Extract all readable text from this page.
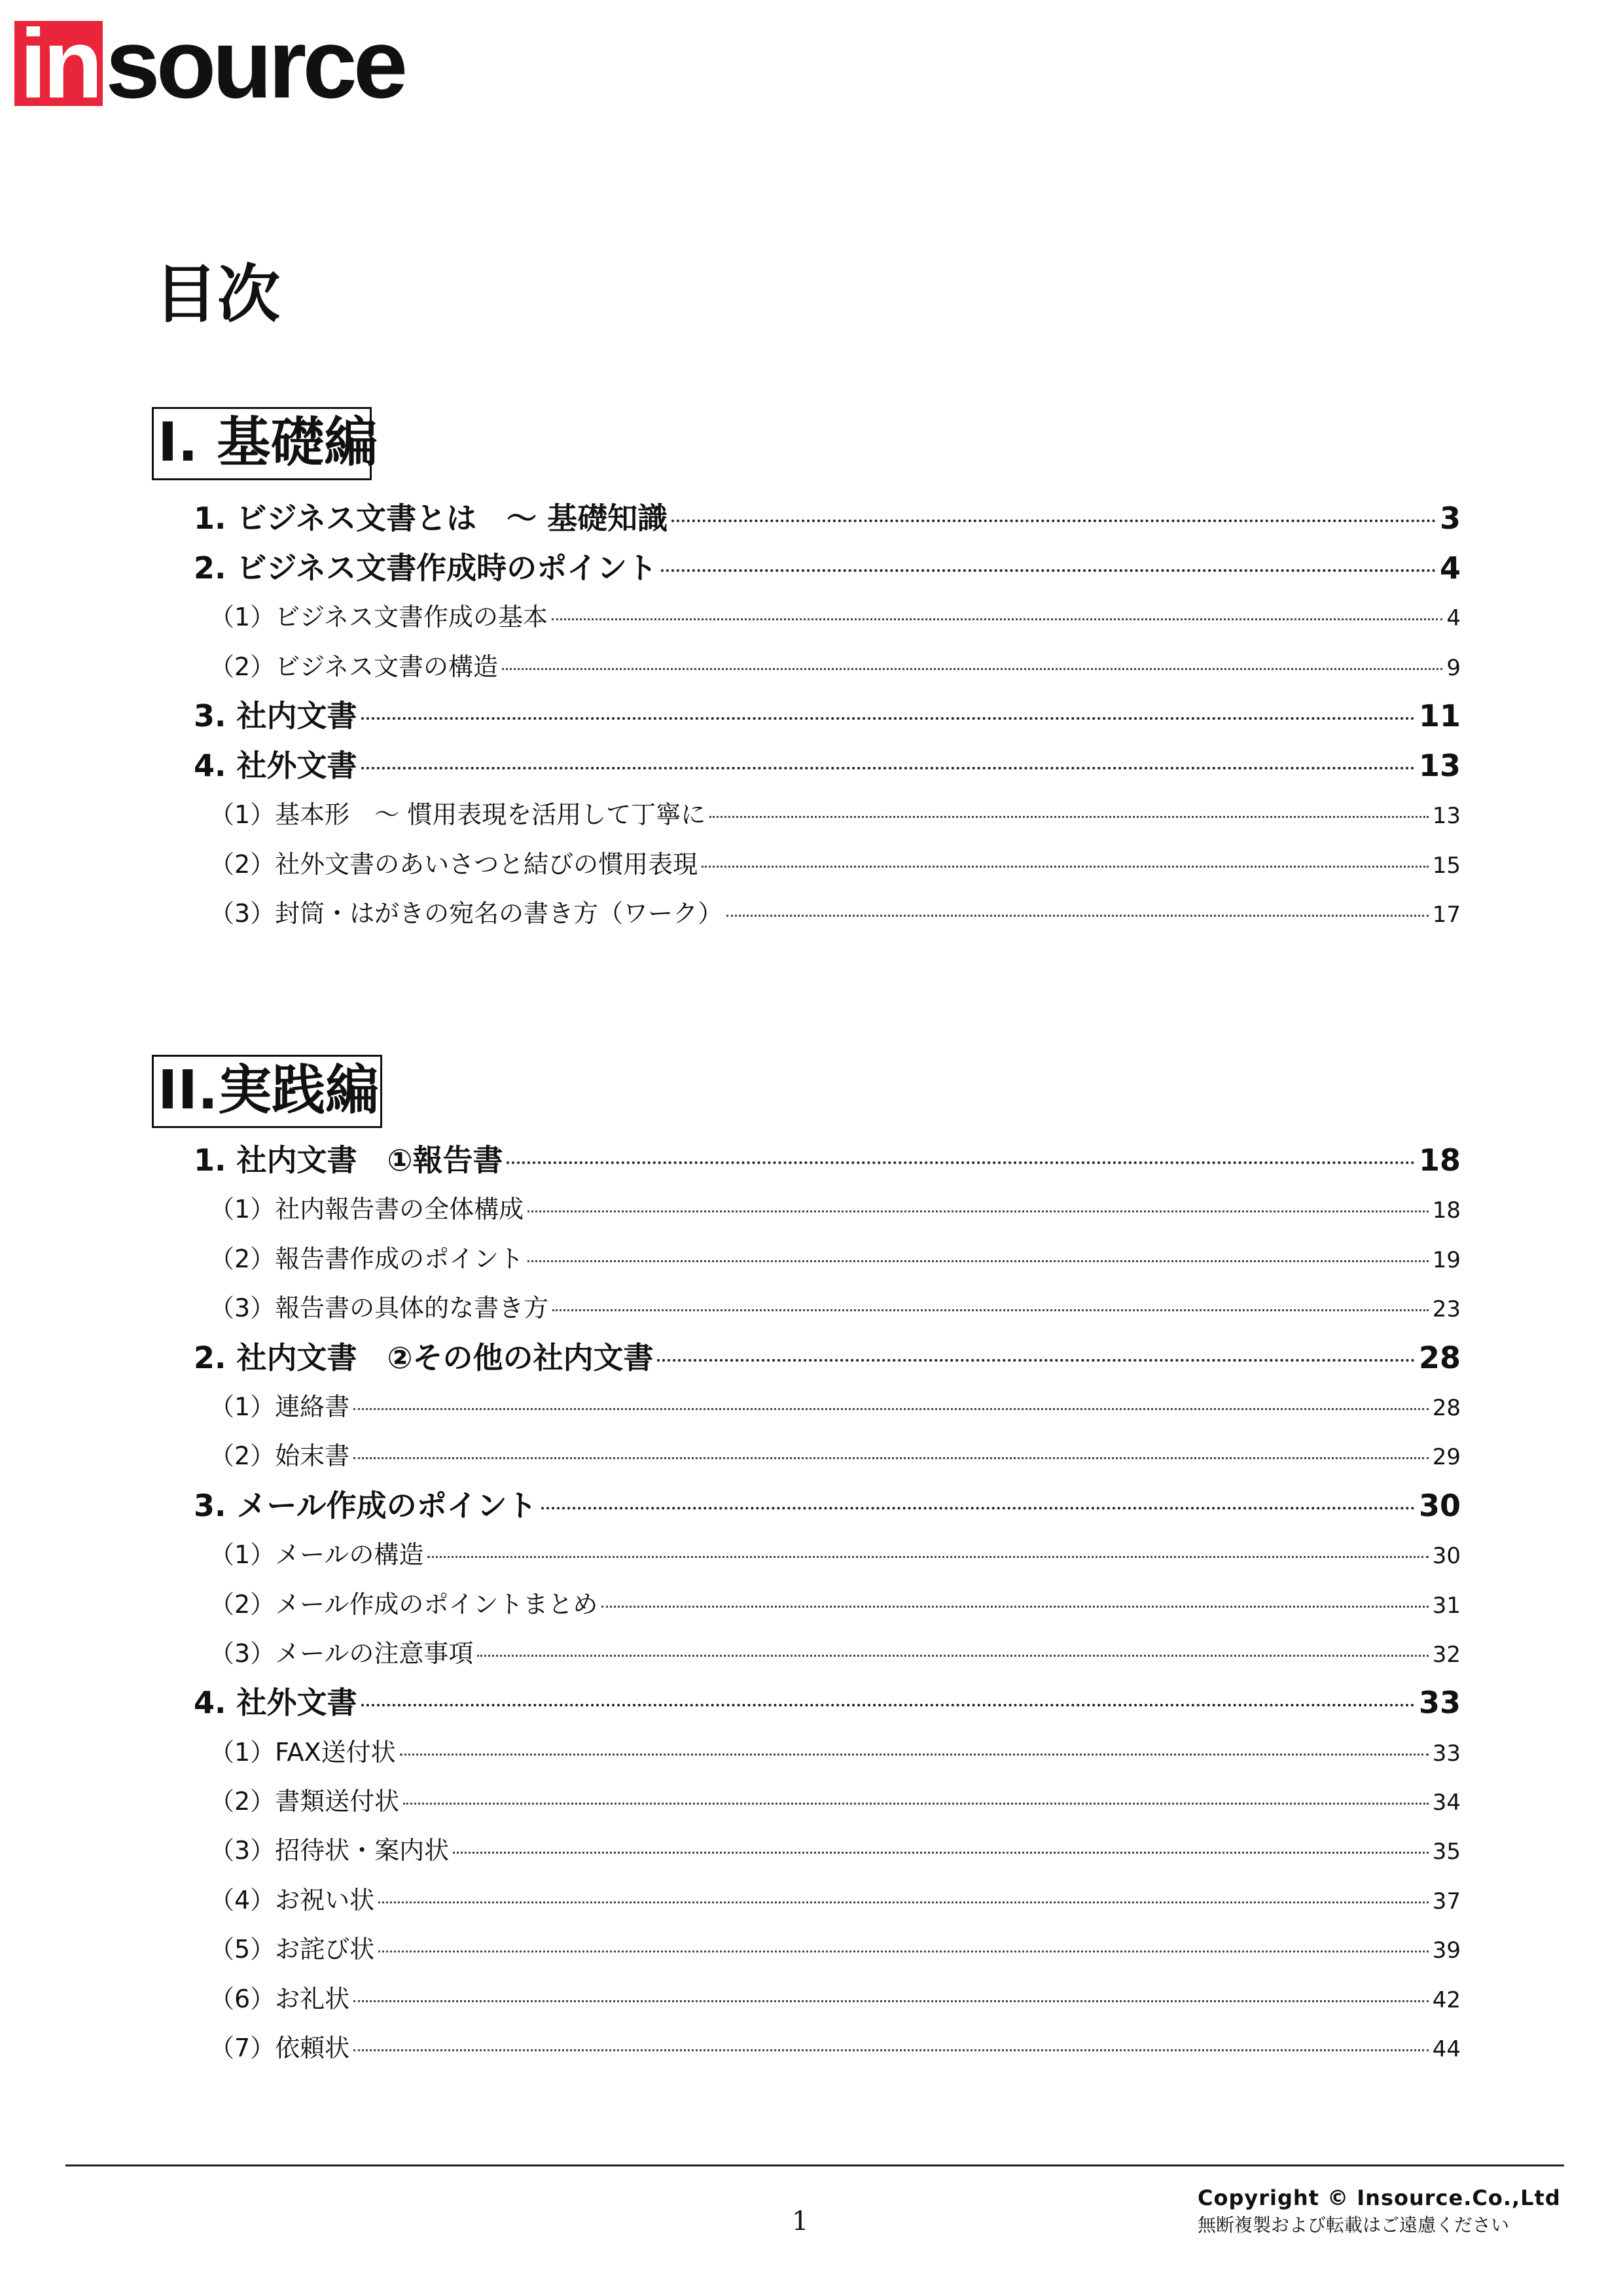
in source
目次
I. 基礎編
1. ビジネス文書とは　～ 基礎知識	3
2. ビジネス文書作成時のポイント	4
（1）ビジネス文書作成の基本	4
（2）ビジネス文書の構造	9
3. 社内文書	11
4. 社外文書	13
（1）基本形　～ 慣用表現を活用して丁寧に	13
（2）社外文書のあいさつと結びの慣用表現	15
（3）封筒・はがきの宛名の書き方（ワーク）	17
II.実践編
1. 社内文書　①報告書	18
（1）社内報告書の全体構成	18
（2）報告書作成のポイント	19
（3）報告書の具体的な書き方	23
2. 社内文書　②その他の社内文書	28
（1）連絡書	28
（2）始末書	29
3. メール作成のポイント	30
（1）メールの構造	30
（2）メール作成のポイントまとめ	31
（3）メールの注意事項	32
4. 社外文書	33
（1）FAX送付状	33
（2）書類送付状	34
（3）招待状・案内状	35
（4）お祝い状	37
（5）お詫び状	39
（6）お礼状	42
（7）依頼状	44
1
Copyright © Insource.Co.,Ltd
無断複製および転載はご遠慮ください
